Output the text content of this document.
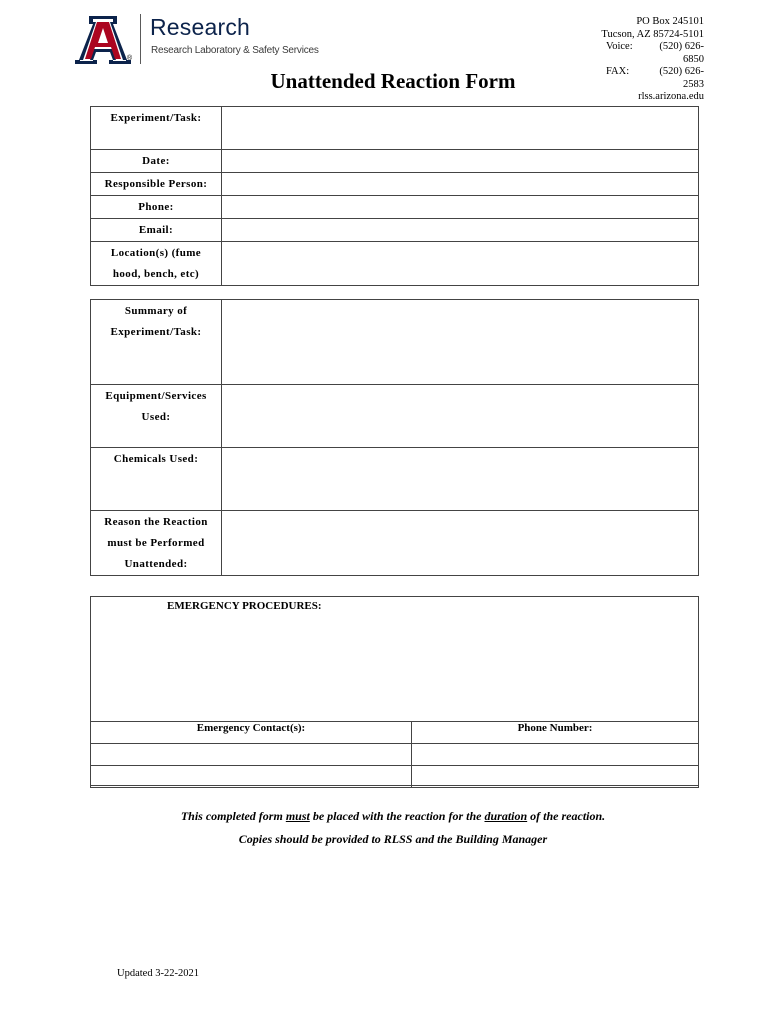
®
Research
Research Laboratory & Safety Services
PO Box 245101
Tucson, AZ 85724-5101
Voice:	(520) 626-6850
FAX:	(520) 626-2583
rlss.arizona.edu
Unattended Reaction Form
Experiment/Task:	
Date:	
Responsible Person:	
Phone:	
Email:	

Location(s) (fume
hood, bench, etc)	

Summary of
Experiment/Task:	

Equipment/Services
Used:	

Chemicals Used:	

Reason the Reaction
must be Performed
Unattended:	

EMERGENCY PROCEDURES:
Emergency Contact(s):	Phone Number:

This completed form must be placed with the reaction for the duration of the reaction.
Copies should be provided to RLSS and the Building Manager
Updated 3-22-2021
